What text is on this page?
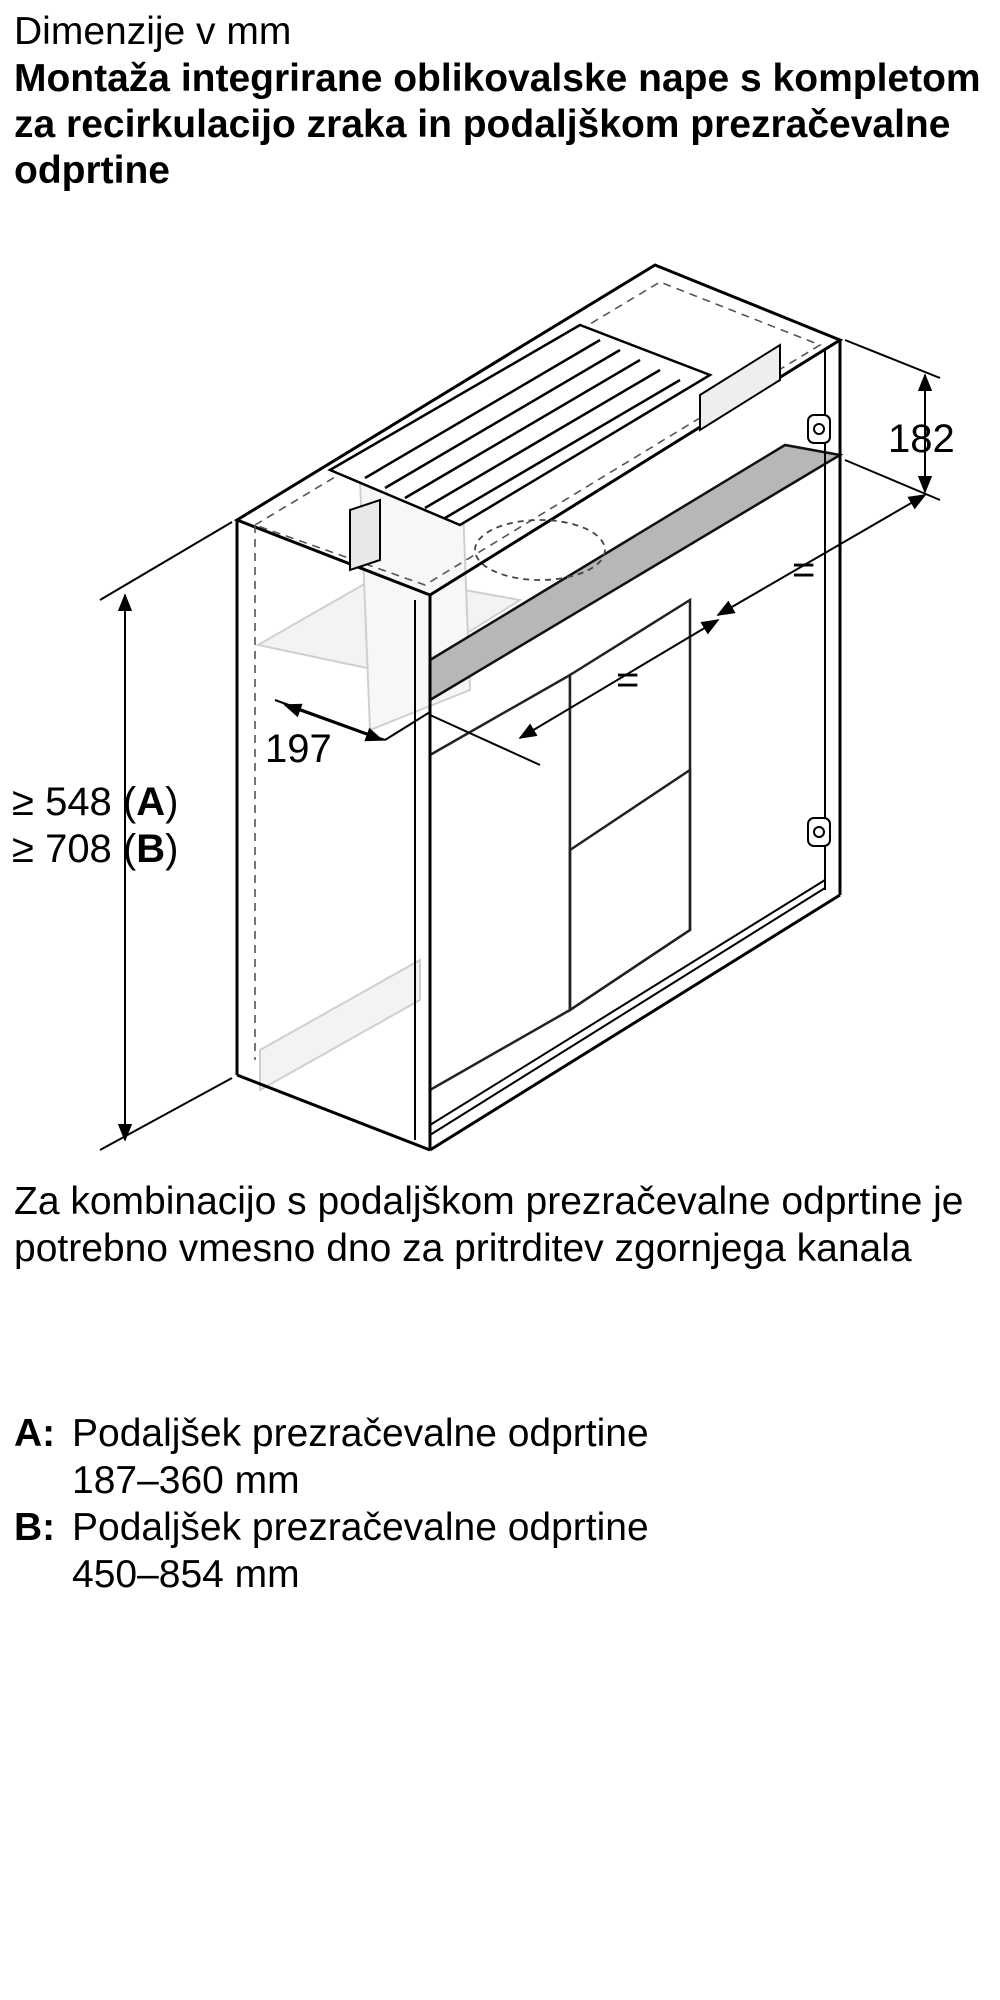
Dimenzije v mm
Montaža integrirane oblikovalske nape s kompletom za recirkulacijo zraka in podaljškom prezračevalne odprtine
182
197
=
=
≥ 548 (A)
≥ 708 (B)
Za kombinacijo s podaljškom prezračevalne odprtine je potrebno vmesno dno za pritrditev zgornjega kanala
A: Podaljšek prezračevalne odprtine
187–360 mm
B: Podaljšek prezračevalne odprtine
450–854 mm
